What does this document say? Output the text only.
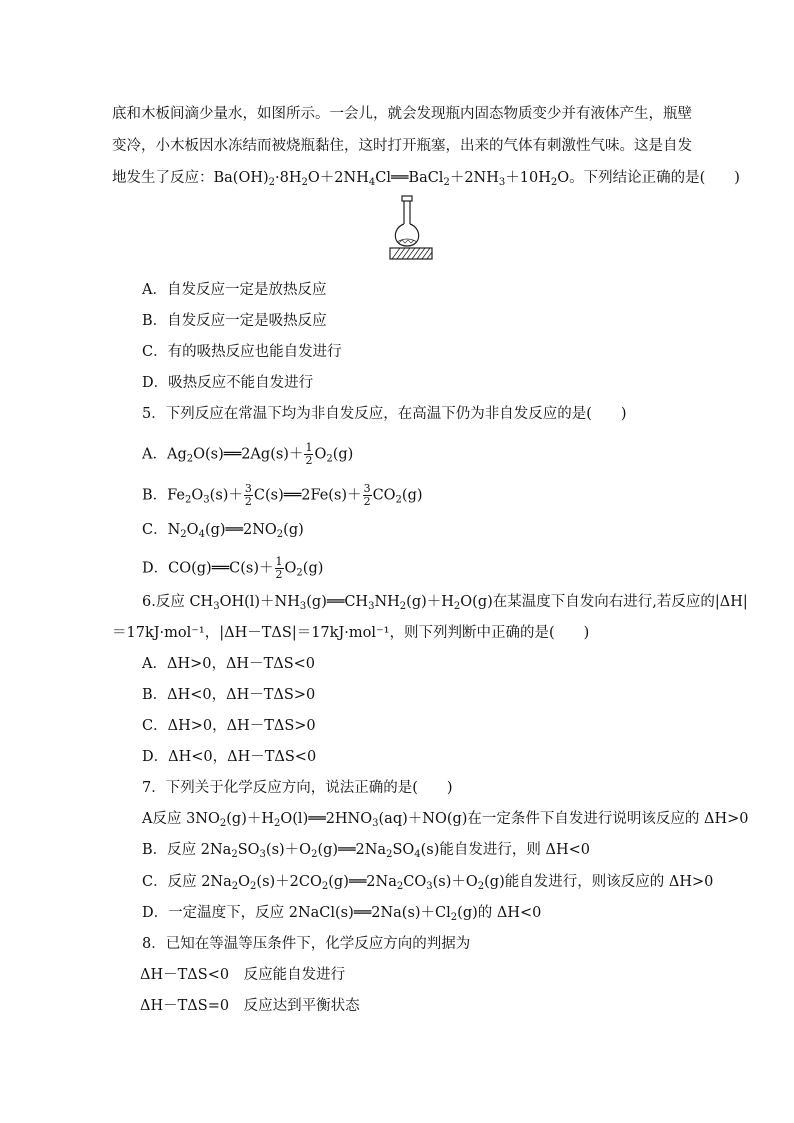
底和木板间滴少量水，如图所示。一会儿，就会发现瓶内固态物质变少并有液体产生，瓶壁
变冷，小木板因水冻结而被烧瓶黏住，这时打开瓶塞，出来的气体有刺激性气味。这是自发
地发生了反应：$Ba(OH)_2\cdot 8H_2O+2NH_4Cl══BaCl_2+2NH_3+10H_2O$。下列结论正确的是(　　)
A．自发反应一定是放热反应
B．自发反应一定是吸热反应
C．有的吸热反应也能自发进行
D．吸热反应不能自发进行
5．下列反应在常温下均为非自发反应，在高温下仍为非自发反应的是(　　)
A．$Ag_2O(s)══2Ag(s)+ \frac{1}{2} O_2(g)$
B．$Fe_2O_3(s)+ \frac{3}{2}$ C(s)══2Fe(s)＋ $\frac{3}{2} CO_2(g)$
C．$N_2O_4(g)══2NO_2(g)$
D．CO(g)══C(s)＋ $\frac{1}{2} O_2(g)$
6.反应 $CH_3OH(l)+NH_3(g)══CH_3NH_2(g)+H_2O(g)$在某温度下自发向右进行,若反应的|ΔH|
＝17kJ·mol⁻¹，|ΔH－TΔS|＝17kJ·mol⁻¹，则下列判断中正确的是(　　)
A．ΔH>0，ΔH－TΔS<0
B．ΔH<0，ΔH－TΔS>0
C．ΔH>0，ΔH－TΔS>0
D．ΔH<0，ΔH－TΔS<0
7．下列关于化学反应方向，说法正确的是(　　)
A反应 $3NO_2(g)+H_2O(l)══2HNO_3(aq)+NO(g)$在一定条件下自发进行说明该反应的 ΔH>0
B．反应 $2Na_2SO_3(s)+O_2(g)══2Na_2SO_4(s)$能自发进行，则 ΔH<0
C．反应 $2Na_2O_2(s)+2CO_2(g)══2Na_2CO_3(s)+O_2(g)$能自发进行，则该反应的 ΔH>0
D．一定温度下，反应 $2NaCl(s)══2Na(s)+Cl_2(g)$的 ΔH<0
8．已知在等温等压条件下，化学反应方向的判据为
ΔH－TΔS<0　反应能自发进行
ΔH－TΔS=0　反应达到平衡状态
